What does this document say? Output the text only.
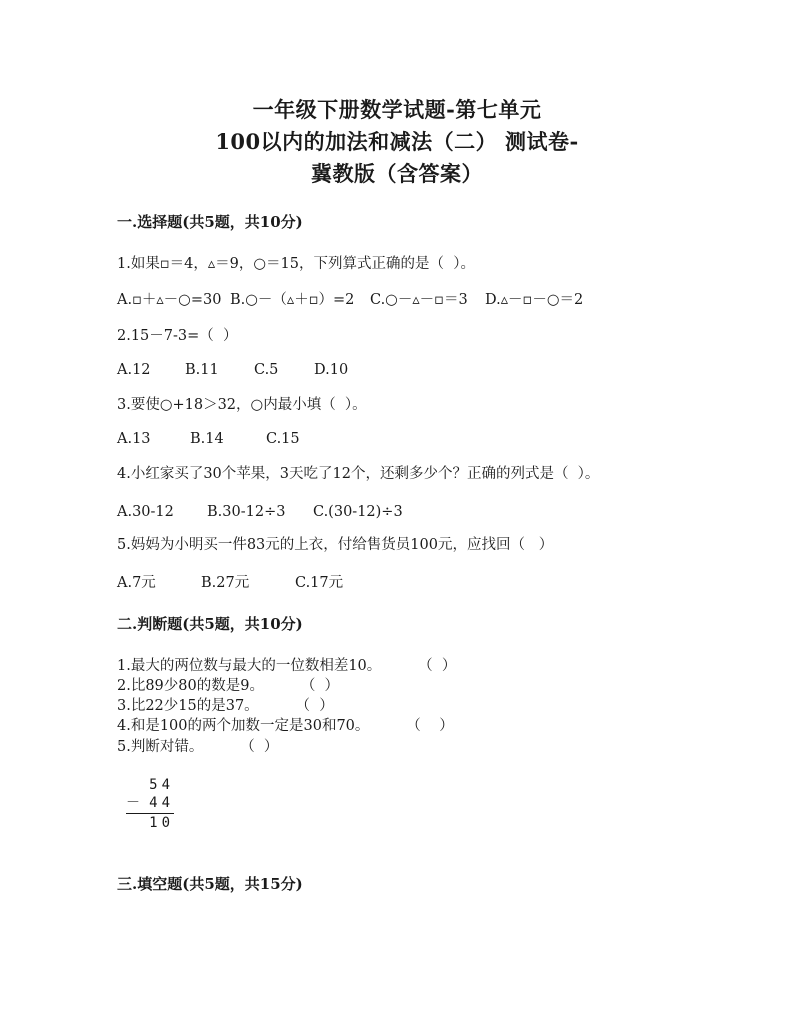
一年级下册数学试题-第七单元
100以内的加法和减法（二） 测试卷-
冀教版（含答案）
一.选择题(共5题，共10分)
1.如果▫＝4，▵＝9，○＝15，下列算式正确的是（  ）。
A.▫＋▵－○=30 B.○－（▵＋▫）=2 C.○－▵－▫＝3 D.▵－▫－○＝2
2.15－7-3=（  ）
A.12 B.11 C.5 D.10
3.要使○+18＞32，○内最小填（  ）。
A.13	B.14	C.15
4.小红家买了30个苹果，3天吃了12个，还剩多少个？正确的列式是（  ）。
A.30-12 B.30-12÷3 C.(30-12)÷3
5.妈妈为小明买一件83元的上衣，付给售货员100元，应找回（   ）
A.7元	B.27元	C.17元
二.判断题(共5题，共10分)
1.最大的两位数与最大的一位数相差10。        （  ）
2.比89少80的数是9。        （  ）
3.比22少15的是37。        （  ）
4.和是100的两个加数一定是30和70。        （    ）
5.判断对错。        （  ）
54
－ 44
10
三.填空题(共5题，共15分)
